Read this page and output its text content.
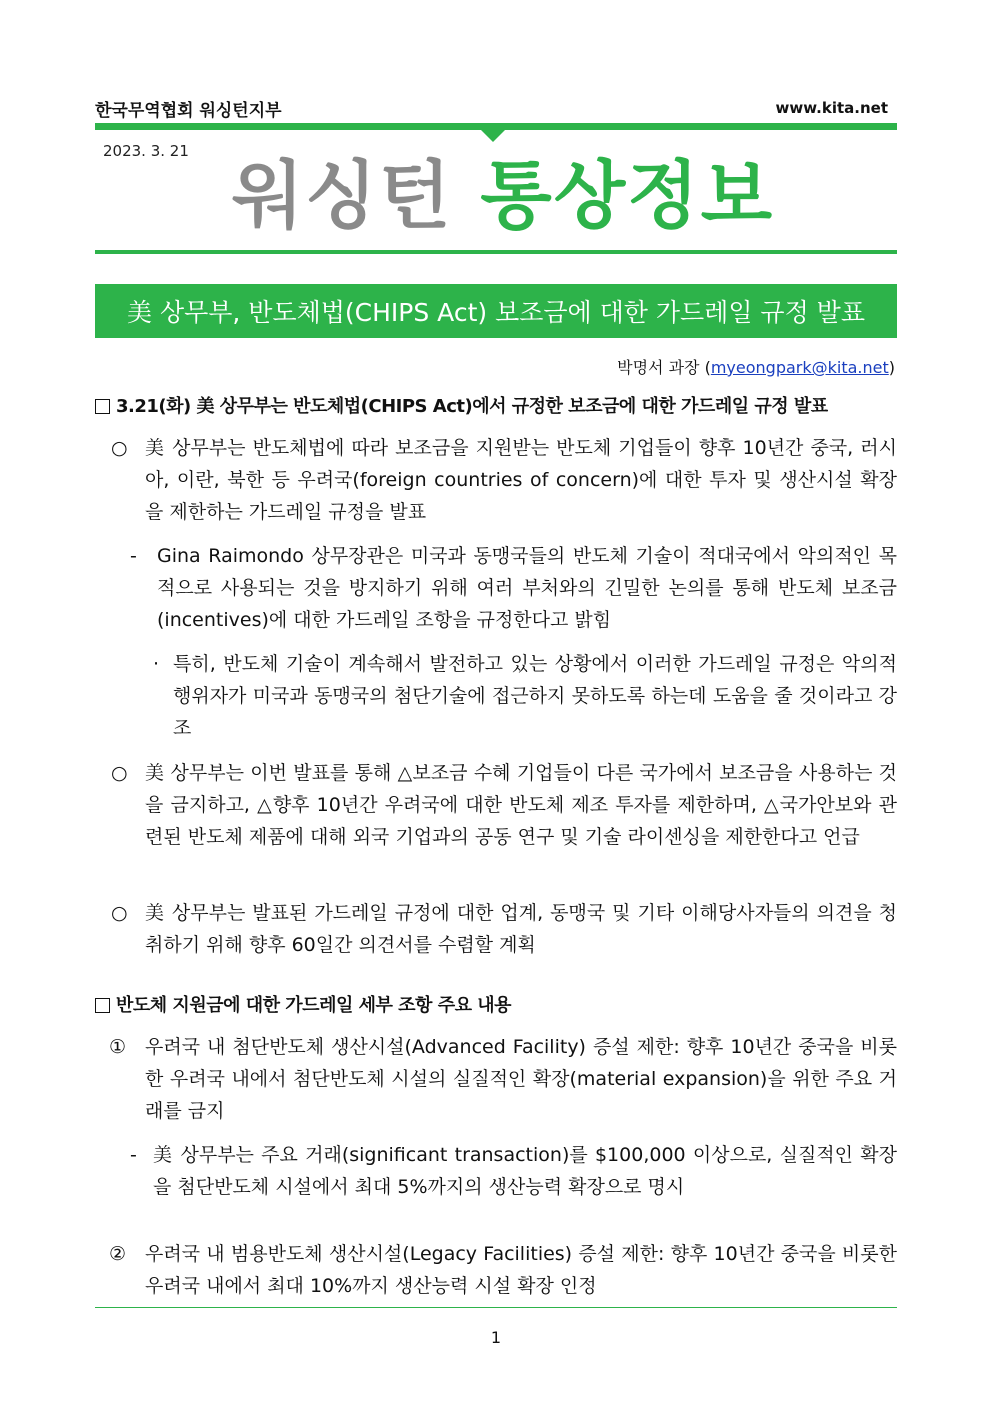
한국무역협회 워싱턴지부	www.kita.net
2023. 3. 21
워싱턴 통상정보
美 상무부, 반도체법(CHIPS Act) 보조금에 대한 가드레일 규정 발표
박명서 과장 (myeongpark@kita.net)
3.21(화) 美 상무부는 반도체법(CHIPS Act)에서 규정한 보조금에 대한 가드레일 규정 발표
○ 美 상무부는 반도체법에 따라 보조금을 지원받는 반도체 기업들이 향후 10년간 중국, 러시아, 이란, 북한 등 우려국(foreign countries of concern)에 대한 투자 및 생산시설 확장을 제한하는 가드레일 규정을 발표
- Gina Raimondo 상무장관은 미국과 동맹국들의 반도체 기술이 적대국에서 악의적인 목적으로 사용되는 것을 방지하기 위해 여러 부처와의 긴밀한 논의를 통해 반도체 보조금(incentives)에 대한 가드레일 조항을 규정한다고 밝힘
· 특히, 반도체 기술이 계속해서 발전하고 있는 상황에서 이러한 가드레일 규정은 악의적 행위자가 미국과 동맹국의 첨단기술에 접근하지 못하도록 하는데 도움을 줄 것이라고 강조
○ 美 상무부는 이번 발표를 통해 △보조금 수혜 기업들이 다른 국가에서 보조금을 사용하는 것을 금지하고, △향후 10년간 우려국에 대한 반도체 제조 투자를 제한하며, △국가안보와 관련된 반도체 제품에 대해 외국 기업과의 공동 연구 및 기술 라이센싱을 제한한다고 언급
○ 美 상무부는 발표된 가드레일 규정에 대한 업계, 동맹국 및 기타 이해당사자들의 의견을 청취하기 위해 향후 60일간 의견서를 수렴할 계획
반도체 지원금에 대한 가드레일 세부 조항 주요 내용
① 우려국 내 첨단반도체 생산시설(Advanced Facility) 증설 제한: 향후 10년간 중국을 비롯한 우려국 내에서 첨단반도체 시설의 실질적인 확장(material expansion)을 위한 주요 거래를 금지
- 美 상무부는 주요 거래(significant transaction)를 $100,000 이상으로, 실질적인 확장을 첨단반도체 시설에서 최대 5%까지의 생산능력 확장으로 명시
② 우려국 내 범용반도체 생산시설(Legacy Facilities) 증설 제한: 향후 10년간 중국을 비롯한 우려국 내에서 최대 10%까지 생산능력 시설 확장 인정
1
